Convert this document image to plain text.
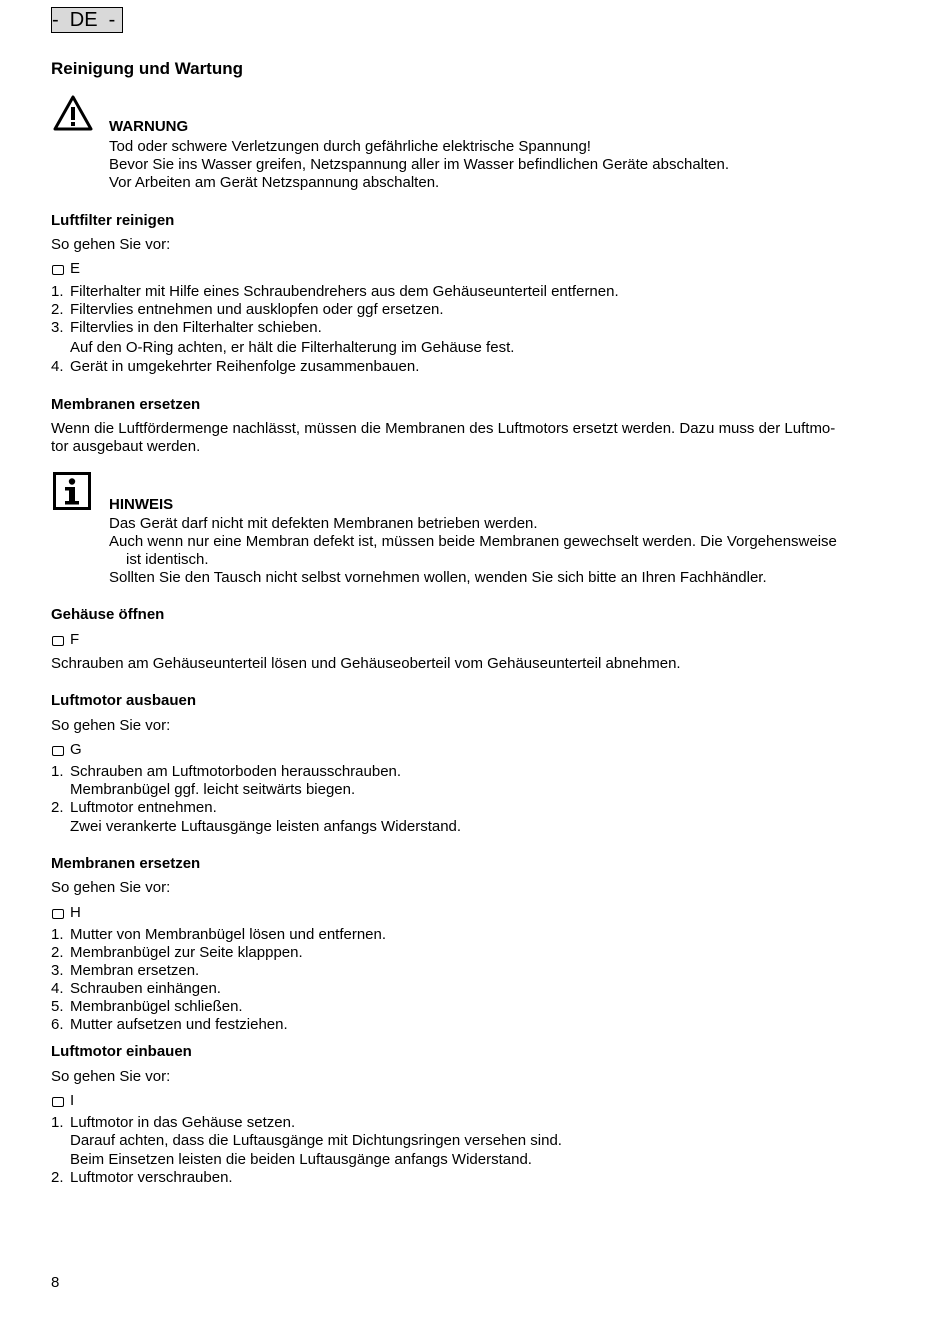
-  DE  -
Reinigung und Wartung
WARNUNG
Tod oder schwere Verletzungen durch gefährliche elektrische Spannung!
Bevor Sie ins Wasser greifen, Netzspannung aller im Wasser befindlichen Geräte abschalten.
Vor Arbeiten am Gerät Netzspannung abschalten.
Luftfilter reinigen
So gehen Sie vor:
E
1. Filterhalter mit Hilfe eines Schraubendrehers aus dem Gehäuseunterteil entfernen.
2. Filtervlies entnehmen und ausklopfen oder ggf ersetzen.
3. Filtervlies in den Filterhalter schieben.
Auf den O-Ring achten, er hält die Filterhalterung im Gehäuse fest.
4. Gerät in umgekehrter Reihenfolge zusammenbauen.
Membranen ersetzen
Wenn die Luftfördermenge nachlässt, müssen die Membranen des Luftmotors ersetzt werden. Dazu muss der Luftmo-
tor ausgebaut werden.
HINWEIS
Das Gerät darf nicht mit defekten Membranen betrieben werden.
Auch wenn nur eine Membran defekt ist, müssen beide Membranen gewechselt werden. Die Vorgehensweise
ist identisch.
Sollten Sie den Tausch nicht selbst vornehmen wollen, wenden Sie sich bitte an Ihren Fachhändler.
Gehäuse öffnen
F
Schrauben am Gehäuseunterteil lösen und Gehäuseoberteil vom Gehäuseunterteil abnehmen.
Luftmotor ausbauen
So gehen Sie vor:
G
1. Schrauben am Luftmotorboden herausschrauben.
Membranbügel ggf. leicht seitwärts biegen.
2. Luftmotor entnehmen.
Zwei verankerte Luftausgänge leisten anfangs Widerstand.
Membranen ersetzen
So gehen Sie vor:
H
1. Mutter von Membranbügel lösen und entfernen.
2. Membranbügel zur Seite klapppen.
3. Membran ersetzen.
4. Schrauben einhängen.
5. Membranbügel schließen.
6. Mutter aufsetzen und festziehen.
Luftmotor einbauen
So gehen Sie vor:
I
1. Luftmotor in das Gehäuse setzen.
Darauf achten, dass die Luftausgänge mit Dichtungsringen versehen sind.
Beim Einsetzen leisten die beiden Luftausgänge anfangs Widerstand.
2. Luftmotor verschrauben.
8
